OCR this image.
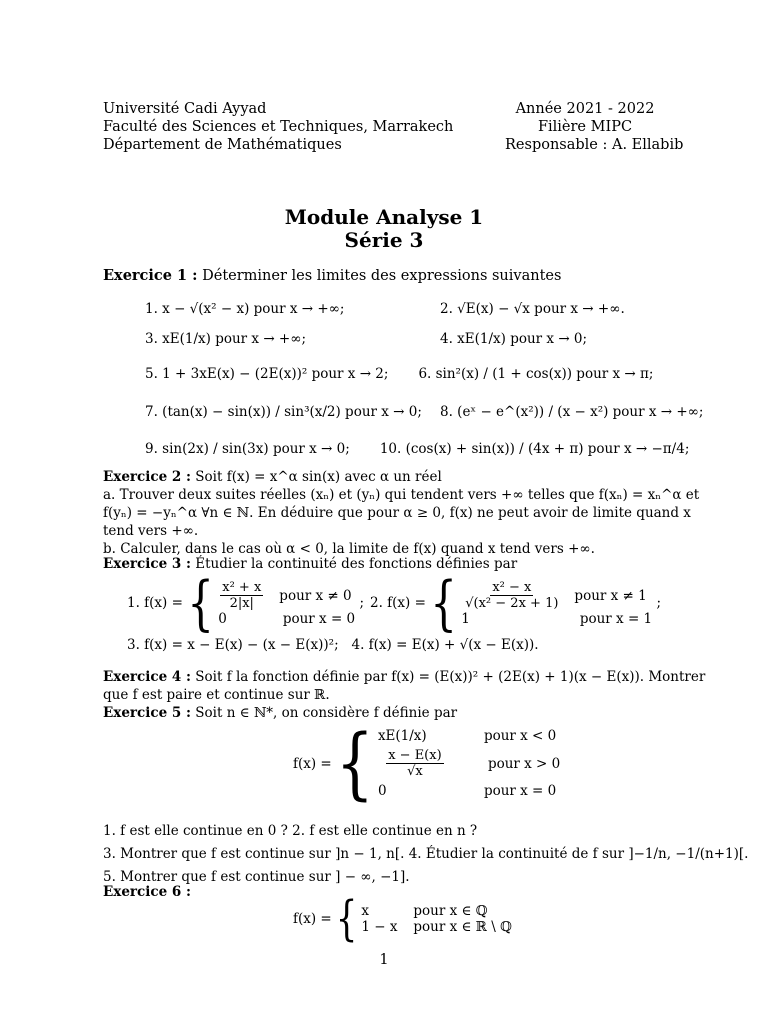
Université Cadi Ayyad
Faculté des Sciences et Techniques, Marrakech
Département de Mathématiques
Année 2021 - 2022
Filière MIPC
Responsable : A. Ellabib
Module Analyse 1
Série 3
Exercice 1 : Déterminer les limites des expressions suivantes
1. x − √(x² − x) pour x → +∞;	2. √E(x) − √x pour x → +∞.
3. xE(1/x) pour x → +∞;	4. xE(1/x) pour x → 0;
5. 1 + 3xE(x) − (2E(x))² pour x → 2; 6. sin²(x) / (1 + cos(x)) pour x → π;
7. (tan(x) − sin(x)) / sin³(x/2) pour x → 0; 8. (eˣ − e^(x²)) / (x − x²) pour x → +∞;
9. sin(2x) / sin(3x) pour x → 0; 10. (cos(x) + sin(x)) / (4x + π) pour x → −π/4;
Exercice 2 : Soit f(x) = x^α sin(x) avec α un réel
a. Trouver deux suites réelles (xₙ) et (yₙ) qui tendent vers +∞ telles que f(xₙ) = xₙ^α et
f(yₙ) = −yₙ^α ∀n ∈ ℕ. En déduire que pour α ≥ 0, f(x) ne peut avoir de limite quand x
tend vers +∞.
b. Calculer, dans le cas où α < 0, la limite de f(x) quand x tend vers +∞.
Exercice 3 : Étudier la continuité des fonctions définies par
1. f(x) = { $\frac{\text{x² + x}}{2|x|}$ pour x ≠ 0
0	pour x = 0
; 2. f(x) = { $\frac{\text{x² − x}}{\text{√(x² − 2x + 1)}}$ pour x ≠ 1
1	pour x = 1
;
3. f(x) = x − E(x) − (x − E(x))²; 4. f(x) = E(x) + √(x − E(x)).
Exercice 4 : Soit f la fonction définie par f(x) = (E(x))² + (2E(x) + 1)(x − E(x)). Montrer
que f est paire et continue sur ℝ.
Exercice 5 : Soit n ∈ ℕ*, on considère f définie par
f(x) = { xE(1/x)	pour x < 0
$\frac{x - E(x)}{√x}$	pour x > 0
0	pour x = 0
1. f est elle continue en 0 ? 2. f est elle continue en n ?
3. Montrer que f est continue sur ]n − 1, n[. 4. Étudier la continuité de f sur ]−1/n, −1/(n+1)[.
5. Montrer que f est continue sur ] − ∞, −1].
Exercice 6 :
f(x) = { x	pour x ∈ ℚ
1 − x pour x ∈ ℝ \ ℚ
1
